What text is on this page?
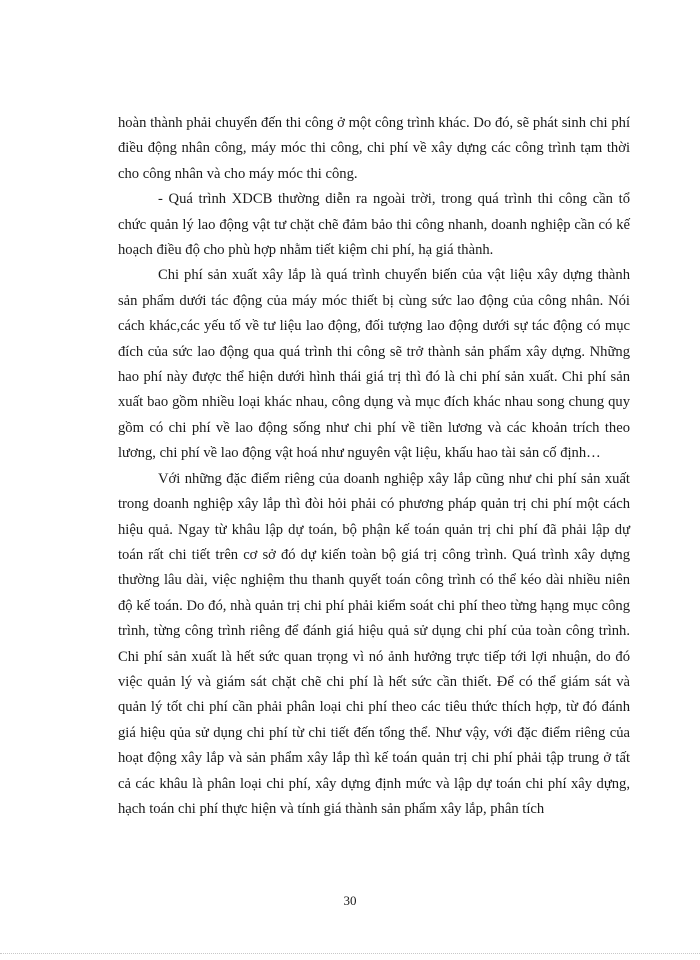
hoàn thành phải chuyển đến thi công ở một công trình khác. Do đó, sẽ phát sinh chi phí điều động nhân công, máy móc thi công, chi phí về xây dựng các công trình tạm thời cho công nhân và cho máy móc thi công.

- Quá trình XDCB thường diễn ra ngoài trời, trong quá trình thi công cần tổ chức quản lý lao động vật tư chặt chẽ đảm bảo thi công nhanh, doanh nghiệp cần có kế hoạch điều độ cho phù hợp nhằm tiết kiệm chi phí, hạ giá thành.

Chi phí sản xuất xây lắp là quá trình chuyển biến của vật liệu xây dựng thành sản phẩm dưới tác động của máy móc thiết bị cùng sức lao động của công nhân. Nói cách khác,các yếu tố về tư liệu lao động, đối tượng lao động dưới sự tác động có mục đích của sức lao động qua quá trình thi công sẽ trở thành sản phẩm xây dựng. Những hao phí này được thể hiện dưới hình thái giá trị thì đó là chi phí sản xuất. Chi phí sản xuất bao gồm nhiều loại khác nhau, công dụng và mục đích khác nhau song chung quy gồm có chi phí về lao động sống như chi phí về tiền lương và các khoản trích theo lương, chi phí về lao động vật hoá như nguyên vật liệu, khấu hao tài sản cố định…

Với những đặc điểm riêng của doanh nghiệp xây lắp cũng như chi phí sản xuất trong doanh nghiệp xây lắp thì đòi hỏi phải có phương pháp quản trị chi phí một cách hiệu quả. Ngay từ khâu lập dự toán, bộ phận kế toán quản trị chi phí đã phải lập dự toán rất chi tiết trên cơ sở đó dự kiến toàn bộ giá trị công trình. Quá trình xây dựng thường lâu dài, việc nghiệm thu thanh quyết toán công trình có thể kéo dài nhiều niên độ kế toán. Do đó, nhà quản trị chi phí phải kiểm soát chi phí theo từng hạng mục công trình, từng công trình riêng để đánh giá hiệu quả sử dụng chi phí của toàn công trình. Chi phí sản xuất là hết sức quan trọng vì nó ảnh hưởng trực tiếp tới lợi nhuận, do đó việc quản lý và giám sát chặt chẽ chi phí là hết sức cần thiết. Để có thể giám sát và quản lý tốt chi phí cần phải phân loại chi phí theo các tiêu thức thích hợp, từ đó đánh giá hiệu qủa sử dụng chi phí từ chi tiết đến tổng thể. Như vậy, với đặc điểm riêng của hoạt động xây lắp và sản phẩm xây lắp thì kế toán quản trị chi phí phải tập trung ở tất cả các khâu là phân loại chi phí, xây dựng định mức và lập dự toán chi phí xây dựng, hạch toán chi phí thực hiện và tính giá thành sản phẩm xây lắp, phân tích

30
